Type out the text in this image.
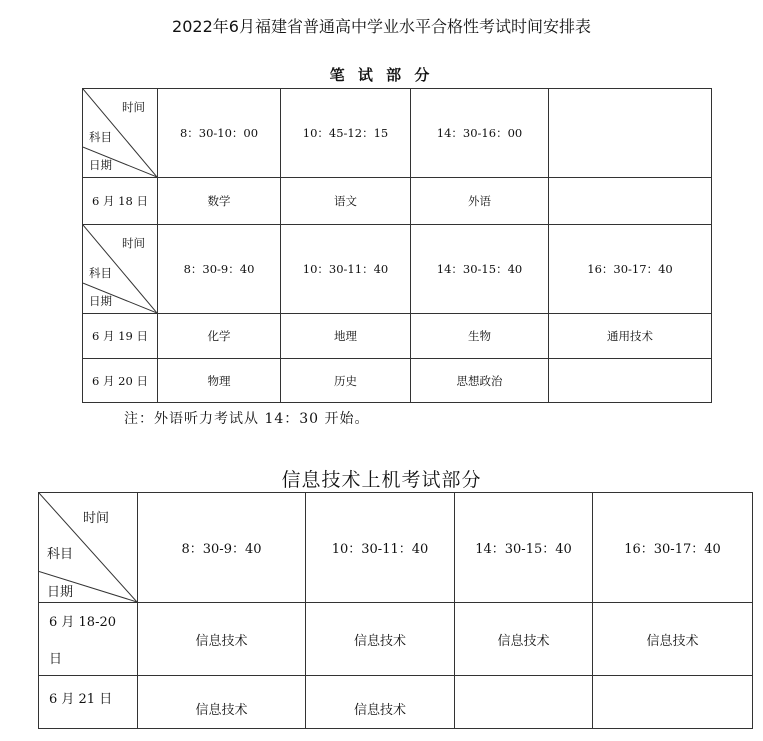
2022年6月福建省普通高中学业水平合格性考试时间安排表
笔 试 部 分
时间
科目
日期	8：30-10：00	10：45-12：15	14：30-16：00	
6 月 18 日	数学	语文	外语	

时间
科目
日期	8：30-9：40	10：30-11：40	14：30-15：40	16：30-17：40
6 月 19 日	化学	地理	生物	通用技术
6 月 20 日	物理	历史	思想政治	
注：外语听力考试从 14：30 开始。
信息技术上机考试部分
时间
科目
日期	8：30-9：40	10：30-11：40	14：30-15：40	16：30-17：40

6 月 18-20
日	信息技术	信息技术	信息技术	信息技术
6 月 21 日	信息技术	信息技术		
